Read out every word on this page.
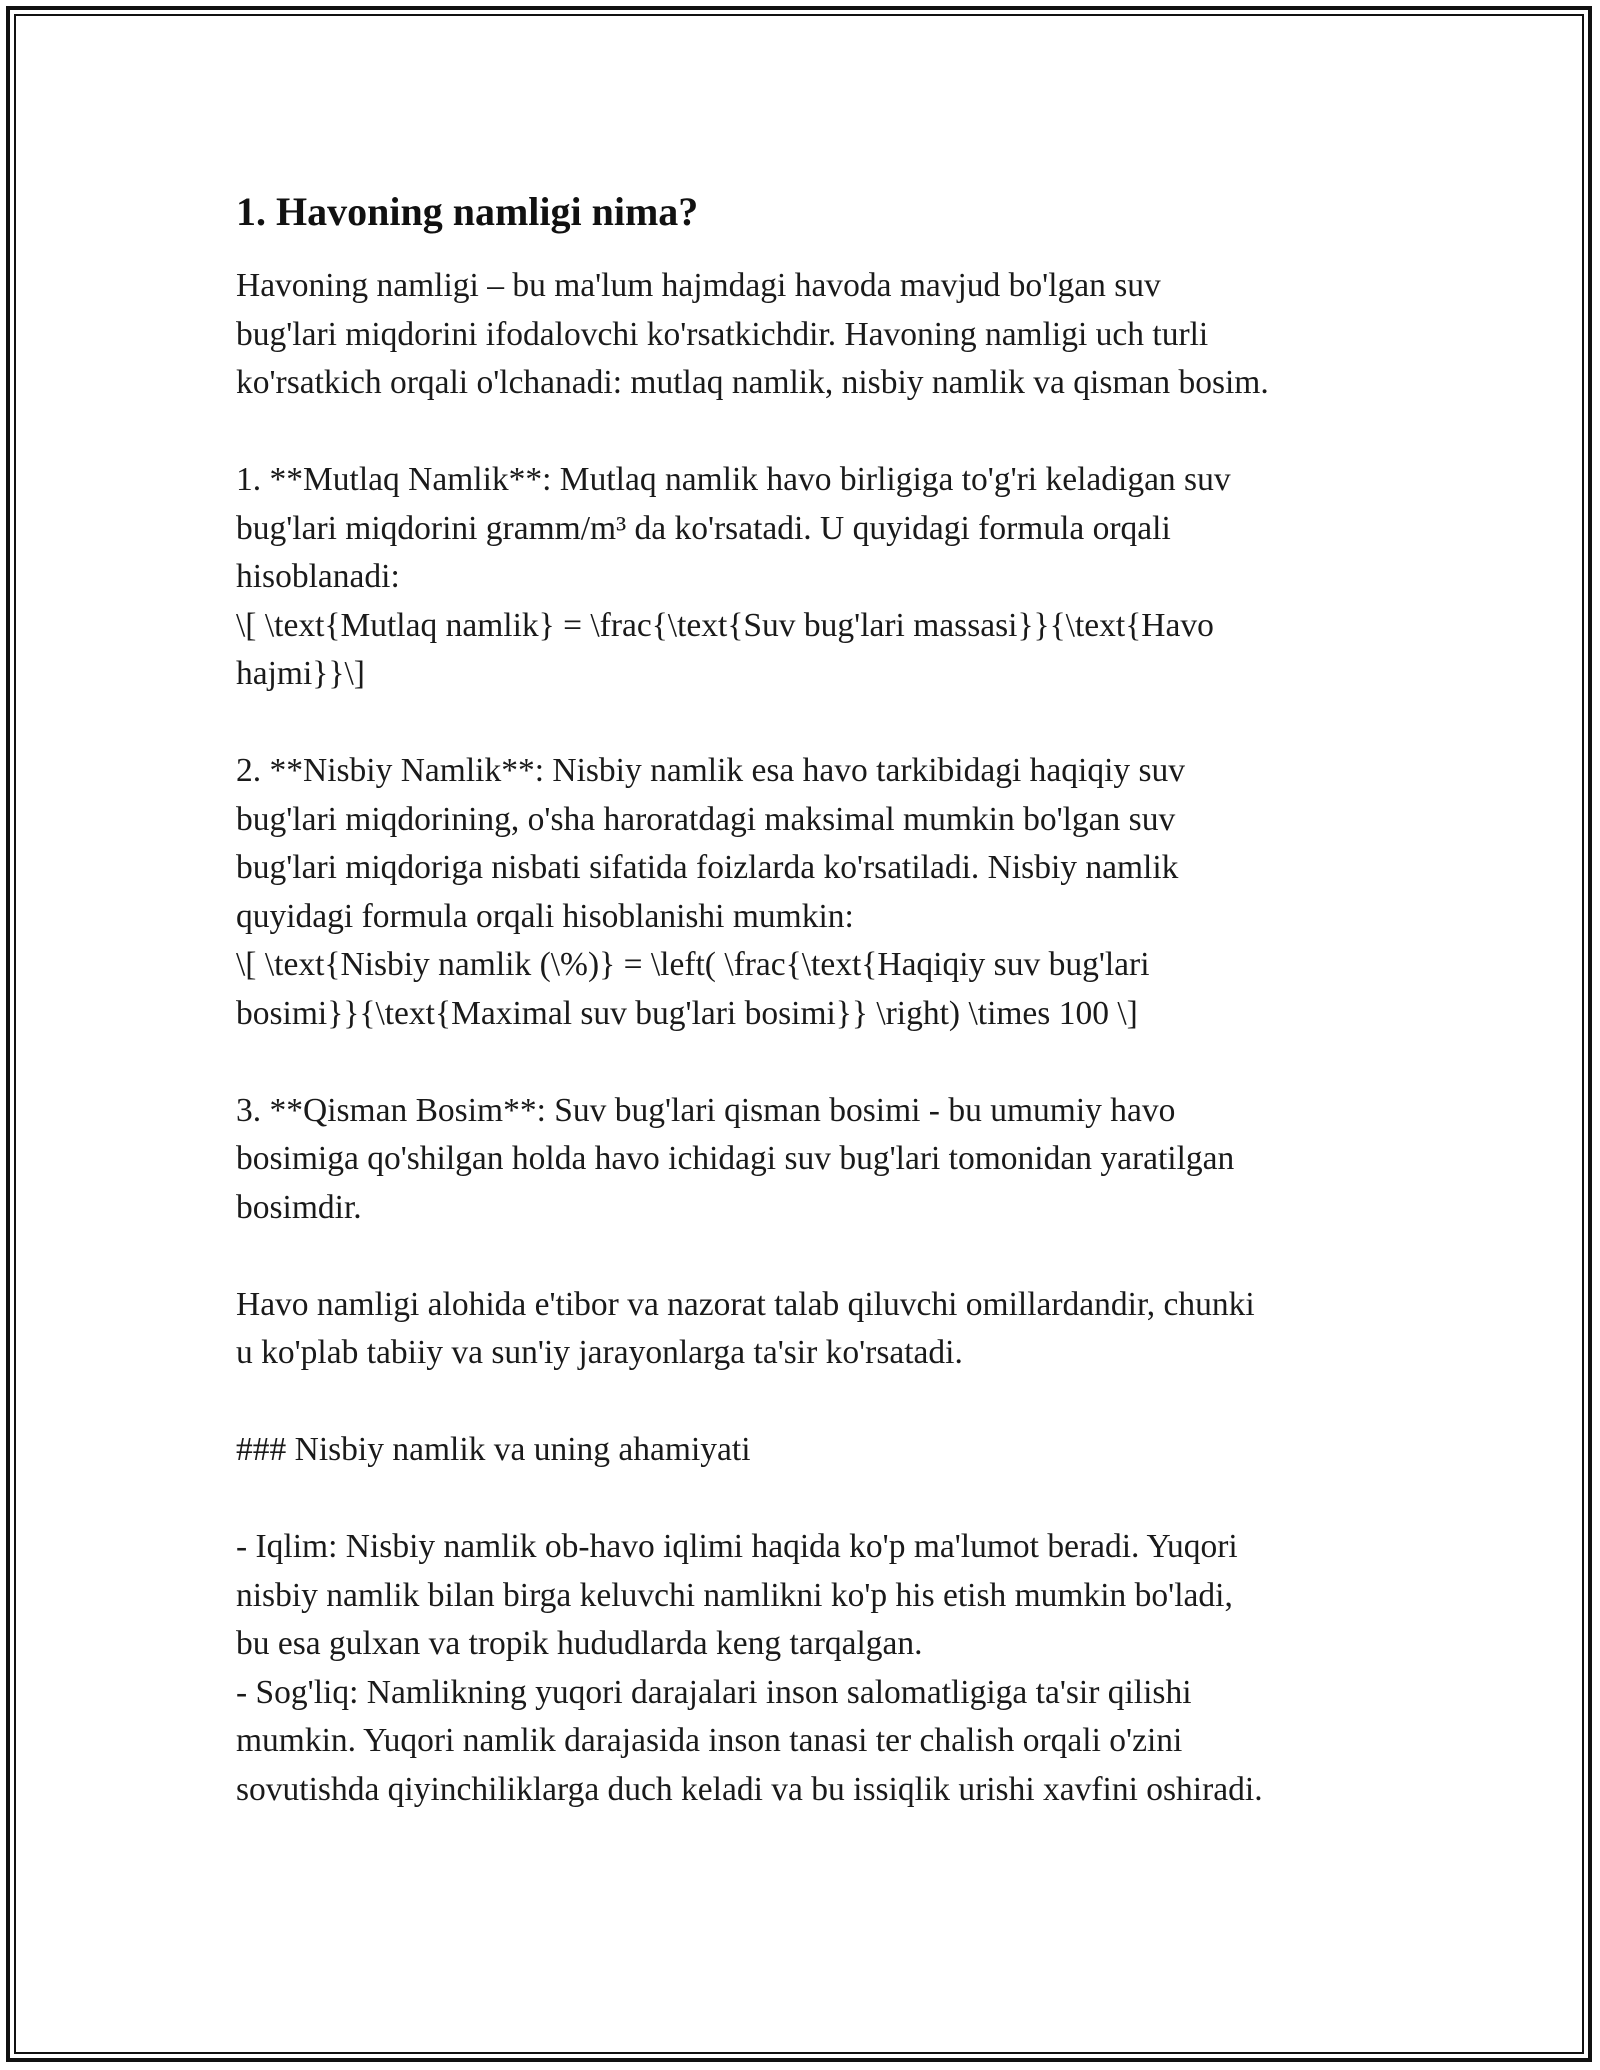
1. Havoning namligi nima?

Havoning namligi – bu ma'lum hajmdagi havoda mavjud bo'lgan suv
bug'lari miqdorini ifodalovchi ko'rsatkichdir. Havoning namligi uch turli
ko'rsatkich orqali o'lchanadi: mutlaq namlik, nisbiy namlik va qisman bosim.

1. **Mutlaq Namlik**: Mutlaq namlik havo birligiga to'g'ri keladigan suv
bug'lari miqdorini gramm/m³ da ko'rsatadi. U quyidagi formula orqali
hisoblanadi:
\[ \text{Mutlaq namlik} = \frac{\text{Suv bug'lari massasi}}{\text{Havo
hajmi}}\]

2. **Nisbiy Namlik**: Nisbiy namlik esa havo tarkibidagi haqiqiy suv
bug'lari miqdorining, o'sha haroratdagi maksimal mumkin bo'lgan suv
bug'lari miqdoriga nisbati sifatida foizlarda ko'rsatiladi. Nisbiy namlik
quyidagi formula orqali hisoblanishi mumkin:
\[ \text{Nisbiy namlik (\%)} = \left( \frac{\text{Haqiqiy suv bug'lari
bosimi}}{\text{Maximal suv bug'lari bosimi}} \right) \times 100 \]

3. **Qisman Bosim**: Suv bug'lari qisman bosimi - bu umumiy havo
bosimiga qo'shilgan holda havo ichidagi suv bug'lari tomonidan yaratilgan
bosimdir.

Havo namligi alohida e'tibor va nazorat talab qiluvchi omillardandir, chunki
u ko'plab tabiiy va sun'iy jarayonlarga ta'sir ko'rsatadi.

### Nisbiy namlik va uning ahamiyati

- Iqlim: Nisbiy namlik ob-havo iqlimi haqida ko'p ma'lumot beradi. Yuqori
nisbiy namlik bilan birga keluvchi namlikni ko'p his etish mumkin bo'ladi,
bu esa gulxan va tropik hududlarda keng tarqalgan.
- Sog'liq: Namlikning yuqori darajalari inson salomatligiga ta'sir qilishi
mumkin. Yuqori namlik darajasida inson tanasi ter chalish orqali o'zini
sovutishda qiyinchiliklarga duch keladi va bu issiqlik urishi xavfini oshiradi.
